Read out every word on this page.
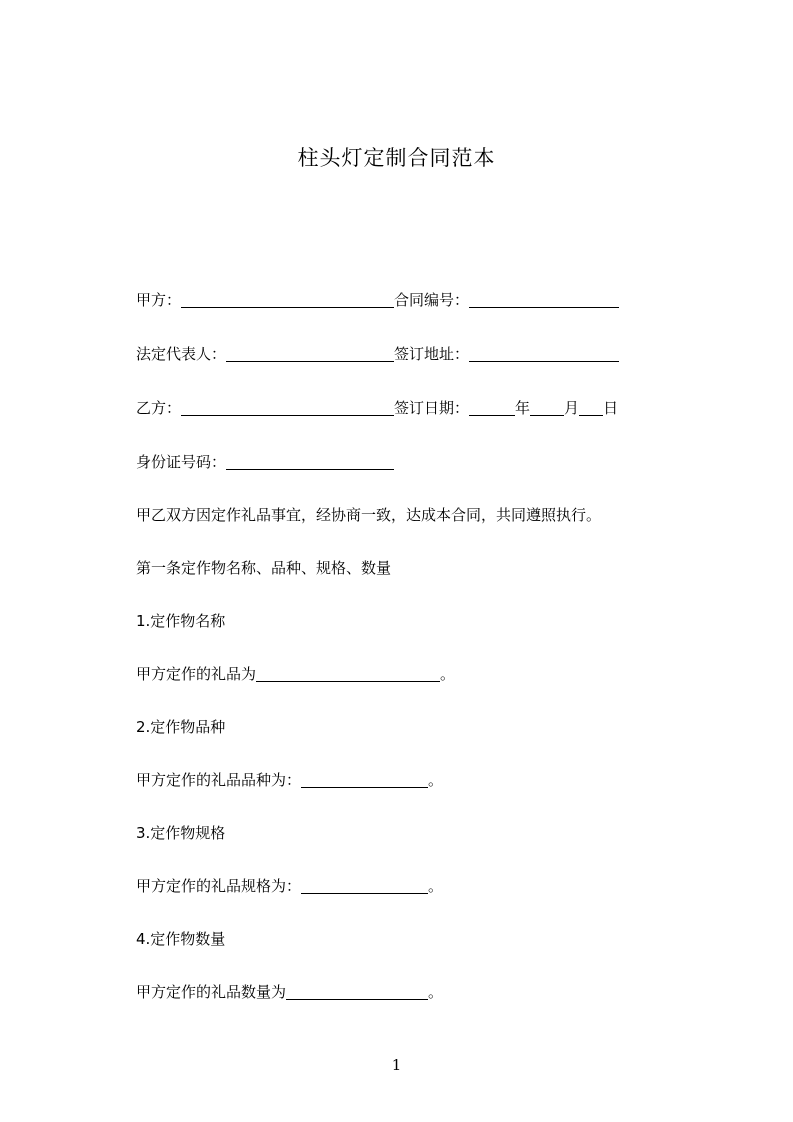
柱头灯定制合同范本
甲方：	合同编号：
法定代表人：	签订地址：
乙方：	签订日期：	年 月 日
身份证号码：
甲乙双方因定作礼品事宜，经协商一致，达成本合同，共同遵照执行。
第一条定作物名称、品种、规格、数量
1.定作物名称
甲方定作的礼品为	。
2.定作物品种
甲方定作的礼品品种为：	。
3.定作物规格
甲方定作的礼品规格为：	。
4.定作物数量
甲方定作的礼品数量为	。
1
